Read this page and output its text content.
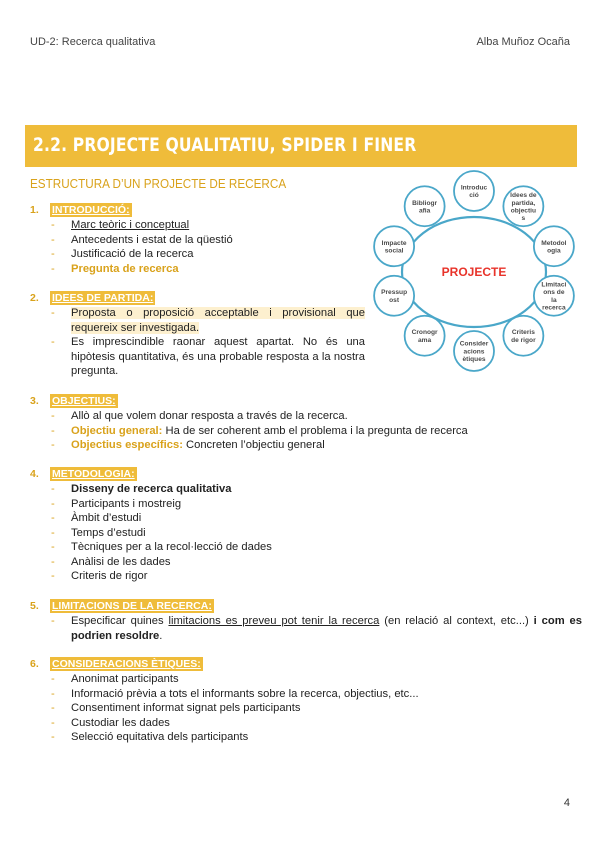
UD-2: Recerca qualitativa	Alba Muñoz Ocaña
2.2. PROJECTE QUALITATIU, SPIDER I FINER
ESTRUCTURA D’UN PROJECTE DE RECERCA
1.	INTRODUCCIÓ:
- Marc teòric i conceptual
- Antecedents i estat de la qüestió
- Justificació de la recerca
- Pregunta de recerca
2.	IDEES DE PARTIDA:
- Proposta o proposició acceptable i provisional que requereix ser investigada.
- Es imprescindible raonar aquest apartat. No és una hipòtesis quantitativa, és una probable resposta a la nostra pregunta.
3.	OBJECTIUS:
- Allò al que volem donar resposta a través de la recerca.
- Objectiu general: Ha de ser coherent amb el problema i la pregunta de recerca
- Objectius específics: Concreten l’objectiu general
4.	METODOLOGIA:
- Disseny de recerca qualitativa
- Participants i mostreig
- Àmbit d’estudi
- Temps d’estudi
- Tècniques per a la recol·lecció de dades
- Anàlisi de les dades
- Criteris de rigor
5.	LIMITACIONS DE LA RECERCA:
- Especificar quines limitacions es preveu pot tenir la recerca (en relació al context, etc...) i com es podrien resoldre.
6.	CONSIDERACIONS ÈTIQUES:
- Anonimat participants
- Informació prèvia a tots el informants sobre la recerca, objectius, etc...
- Consentiment informat signat pels participants
- Custodiar les dades
- Selecció equitativa dels participants
PROJECTE
Introduc
ció	Idees de
partida,
objectiu
s
Metodol
ogia
Limitaci
ons de
la
recerca
Criteris
de rigor
Consider
acions
ètiques
Cronogr
ama
Pressup
ost
Impacte
social
Bibliogr
afia
4
